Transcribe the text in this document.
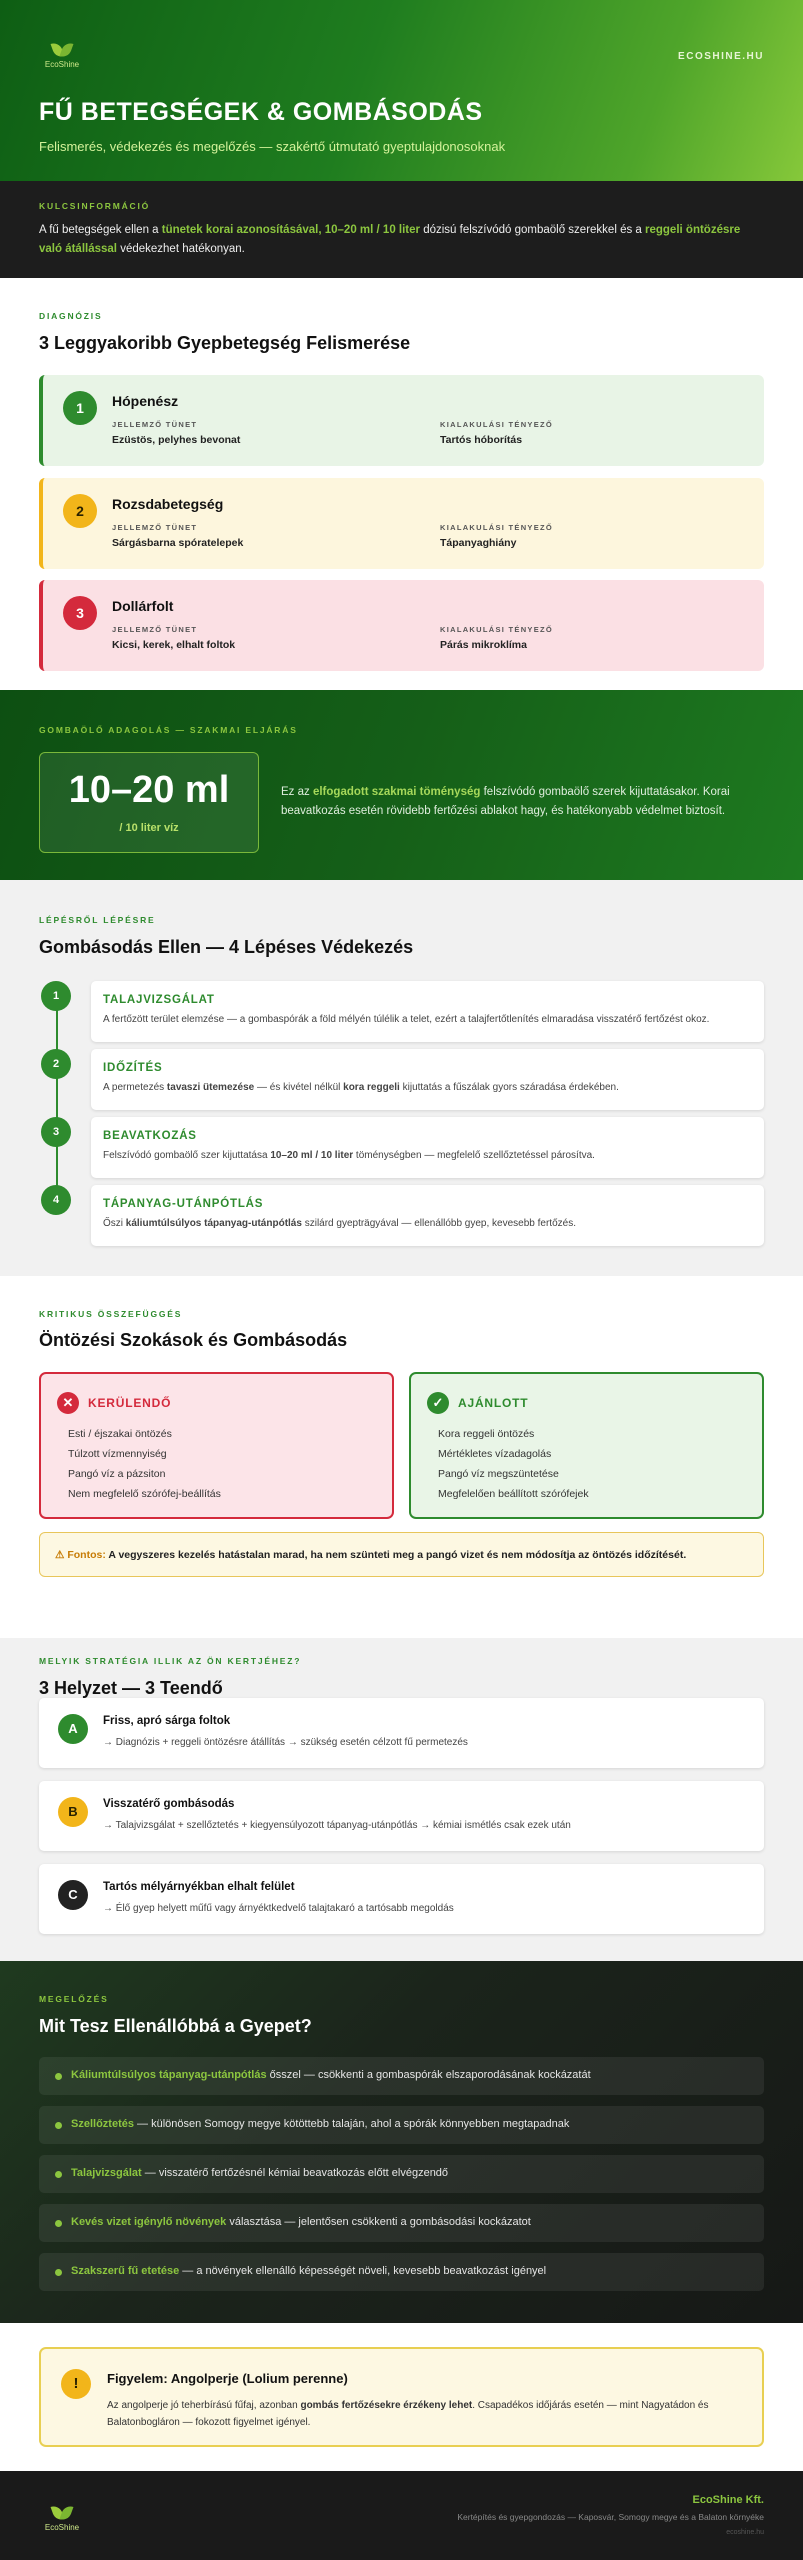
EcoShine
ECOSHINE.HU
FŰ BETEGSÉGEK & GOMBÁSODÁS
Felismerés, védekezés és megelőzés — szakértő útmutató gyeptulajdonosoknak
KULCSINFORMÁCIÓ
A fű betegségek ellen a tünetek korai azonosításával, 10–20 ml / 10 liter dózisú felszívódó gombaölő szerekkel és a reggeli öntözésre való átállással védekezhet hatékonyan.
DIAGNÓZIS
3 Leggyakoribb Gyepbetegség Felismerése
1	Hópenész
JELLEMZŐ TÜNET
Ezüstös, pelyhes bevonat
KIALAKULÁSI TÉNYEZŐ
Tartós hóborítás
2	Rozsdabetegség
JELLEMZŐ TÜNET
Sárgásbarna spóratelepek
KIALAKULÁSI TÉNYEZŐ
Tápanyaghiány
3	Dollárfolt
JELLEMZŐ TÜNET
Kicsi, kerek, elhalt foltok
KIALAKULÁSI TÉNYEZŐ
Párás mikroklíma
GOMBAÖLŐ ADAGOLÁS — SZAKMAI ELJÁRÁS
10–20 ml
/ 10 liter víz
Ez az elfogadott szakmai töménység felszívódó gombaölő szerek kijuttatásakor. Korai beavatkozás esetén rövidebb fertőzési ablakot hagy, és hatékonyabb védelmet biztosít.
LÉPÉSRŐL LÉPÉSRE
Gombásodás Ellen — 4 Lépéses Védekezés
1	TALAJVIZSGÁLAT
A fertőzött terület elemzése — a gombaspórák a föld mélyén túlélik a telet, ezért a talajfertőtlenítés elmaradása visszatérő fertőzést okoz.
2	IDŐZÍTÉS
A permetezés tavaszi ütemezése — és kivétel nélkül kora reggeli kijuttatás a fűszálak gyors száradása érdekében.
3	BEAVATKOZÁS
Felszívódó gombaölő szer kijuttatása 10–20 ml / 10 liter töménységben — megfelelő szellőztetéssel párosítva.
4	TÁPANYAG-UTÁNPÓTLÁS
Őszi káliumtúlsúlyos tápanyag-utánpótlás szilárd gyepträgyával — ellenállóbb gyep, kevesebb fertőzés.
KRITIKUS ÖSSZEFÜGGÉS
Öntözési Szokások és Gombásodás
✕	KERÜLENDŐ
Esti / éjszakai öntözés
Túlzott vízmennyiség
Pangó víz a pázsiton
Nem megfelelő szórófej-beállítás
✓	AJÁNLOTT
Kora reggeli öntözés
Mértékletes vízadagolás
Pangó víz megszüntetése
Megfelelően beállított szórófejek
⚠ Fontos: A vegyszeres kezelés hatástalan marad, ha nem szünteti meg a pangó vizet és nem módosítja az öntözés időzítését.
MELYIK STRATÉGIA ILLIK AZ ÖN KERTJÉHEZ?
3 Helyzet — 3 Teendő
A	Friss, apró sárga foltok
→ Diagnózis + reggeli öntözésre átállítás → szükség esetén célzott fű permetezés
B	Visszatérő gombásodás
→ Talajvizsgálat + szellőztetés + kiegyensúlyozott tápanyag-utánpótlás → kémiai ismétlés csak ezek után
C	Tartós mélyárnyékban elhalt felület
→ Élő gyep helyett műfű vagy árnyéktkedvelő talajtakaró a tartósabb megoldás
MEGELŐZÉS
Mit Tesz Ellenállóbbá a Gyepet?
Káliumtúlsúlyos tápanyag-utánpótlás ősszel — csökkenti a gombaspórák elszaporodásának kockázatát
Szellőztetés — különösen Somogy megye kötöttebb talaján, ahol a spórák könnyebben megtapadnak
Talajvizsgálat — visszatérő fertőzésnél kémiai beavatkozás előtt elvégzendő
Kevés vizet igénylő növények választása — jelentősen csökkenti a gombásodási kockázatot
Szakszerű fű etetése — a növények ellenálló képességét növeli, kevesebb beavatkozást igényel
!	Figyelem: Angolperje (Lolium perenne)
Az angolperje jó teherbírású fűfaj, azonban gombás fertőzésekre érzékeny lehet. Csapadékos időjárás esetén — mint Nagyatádon és Balatonbogláron — fokozott figyelmet igényel.
EcoShine
EcoShine Kft.
Kertépítés és gyepgondozás — Kaposvár, Somogy megye és a Balaton környéke
ecoshine.hu
